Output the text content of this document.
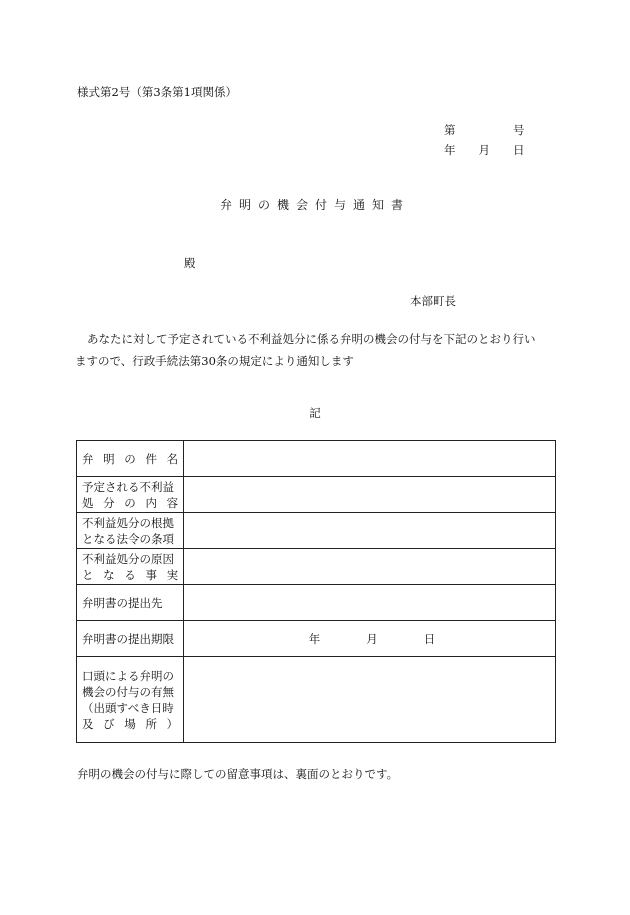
様式第2号（第3条第1項関係）
第　　　　　号
年　　月　　日
弁明の機会付与通知書
殿
本部町長
あなたに対して予定されている不利益処分に係る弁明の機会の付与を下記のとおり行い
ますので、行政手続法第30条の規定により通知します
記
弁 明 の 件 名	

予定される不利益
処 分 の 内 容	

不利益処分の根拠
となる法令の条項	

不利益処分の原因
と な る 事 実	

弁明書の提出先	

弁明書の提出期限	年　　　　月　　　　日

口頭による弁明の
機会の付与の有無
（出頭すべき日時
及 び 場 所 ）	

弁明の機会の付与に際しての留意事項は、裏面のとおりです。
